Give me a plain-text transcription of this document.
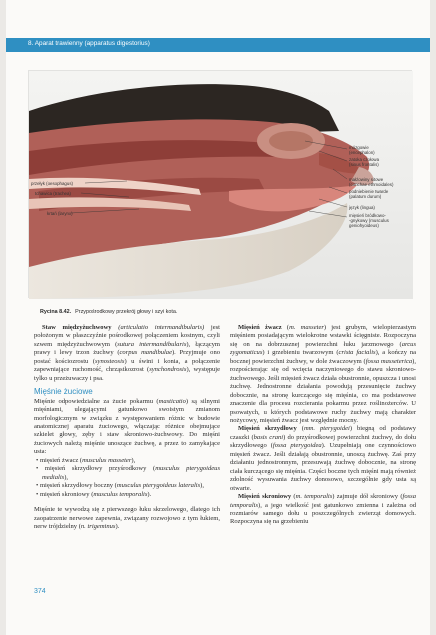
8. Aparat trawienny (apparatus digestorius)
przełyk (oesophagus)
tchawica (trachea)
krtań (larynx)
mózgowie
(encephalon)
zatoka czołowa
(sinus frontalis)
małżowiny sitowe
(conchae ethmoidales)
podniebienie twarde
(palatum durum)
język (lingua)
mięsień bródkowo-
-gnykowy (musculus
geniohyoideus)
Rycina 8.42. Przypośrodkowy przekrój głowy i szyi kota.

Staw międzyżuchwowy (articulatio intermandibularis) jest położonym w płaszczyźnie pośrodkowej połączeniem kostnym, czyli szwem międzyżuchwowym (sutura intermandibularis), łączącym prawy i lewy trzon żuchwy (corpus mandibulae). Przyjmuje ono postać kościozrostu (synosteosis) u świni i konia, a połączenie zapewniające ruchomość, chrząstkozrost (synchondrosis), występuje tylko u przeżuwaczy i psa.

Mięśnie żuciowe

Mięśnie odpowiedzialne za żucie pokarmu (masticatio) są silnymi mięśniami, ulegającymi gatunkowo swoistym zmianom morfologicznym w związku z występowaniem różnic w budowie anatomicznej aparatu żuciowego, włączając różnice obejmujące szkielet głowy, zęby i staw skroniowo-żuchwowy. Do mięśni żuciowych należą mięśnie unoszące żuchwę, a przez to zamykające usta:

• mięsień żwacz (musculus masseter),
• mięsień skrzydłowy przyśrodkowy (musculus pterygoideus medialis),
• mięsień skrzydłowy boczny (musculus pterygoideus lateralis),
• mięsień skroniowy (musculus temporalis).

Mięśnie te wywodzą się z pierwszego łuku skrzelowego, dlatego ich zaopatrzenie nerwowe zapewnia, związany rozwojowo z tym łukiem, nerw trójdzielny (n. trigeminus).

Mięsień żwacz (m. masseter) jest grubym, wielopierzastym mięśniem posiadającym wielokrotne wstawki ścięgniste. Rozpoczyna się on na dobrzusznej powierzchni łuku jarzmowego (arcus zygomaticus) i grzebieniu twarzowym (crista facialis), a kończy na bocznej powierzchni żuchwy, w dole żwaczowym (fossa masseterica), rozpościerając się od wcięcia naczyniowego do stawu skroniowo-żuchwowego. Jeśli mięsień żwacz działa obustronnie, opuszcza i unosi żuchwę. Jednostronne działania powodują przesunięcie żuchwy dobocznie, na stronę kurczącego się mięśnia, co ma podstawowe znaczenie dla procesu rozcierania pokarmu przez roślinożerców. U psowatych, u których podstawowe ruchy żuchwy mają charakter nożycowy, mięsień żwacz jest względnie mocny.

Mięsień skrzydłowy (mm. pterygoidei) biegną od podstawy czaszki (basis crani) do przyśrodkowej powierzchni żuchwy, do dołu skrzydłowego (fossa pterygoidea). Uzupełniają one czynnościowo mięsień żwacz. Jeśli działają obustronnie, unoszą żuchwę. Zaś przy działaniu jednostronnym, przesuwają żuchwę dobocznie, na stronę ciała kurczącego się mięśnia. Części boczne tych mięśni mają również zdolność wysuwania żuchwy donosowo, szczególnie gdy usta są otwarte.

Mięsień skroniowy (m. temporalis) zajmuje dół skroniowy (fossa temporalis), a jego wielkość jest gatunkowo zmienna i zależna od rozmiarów samego dołu u poszczególnych zwierząt domowych. Rozpoczyna się na grzebieniu

374
